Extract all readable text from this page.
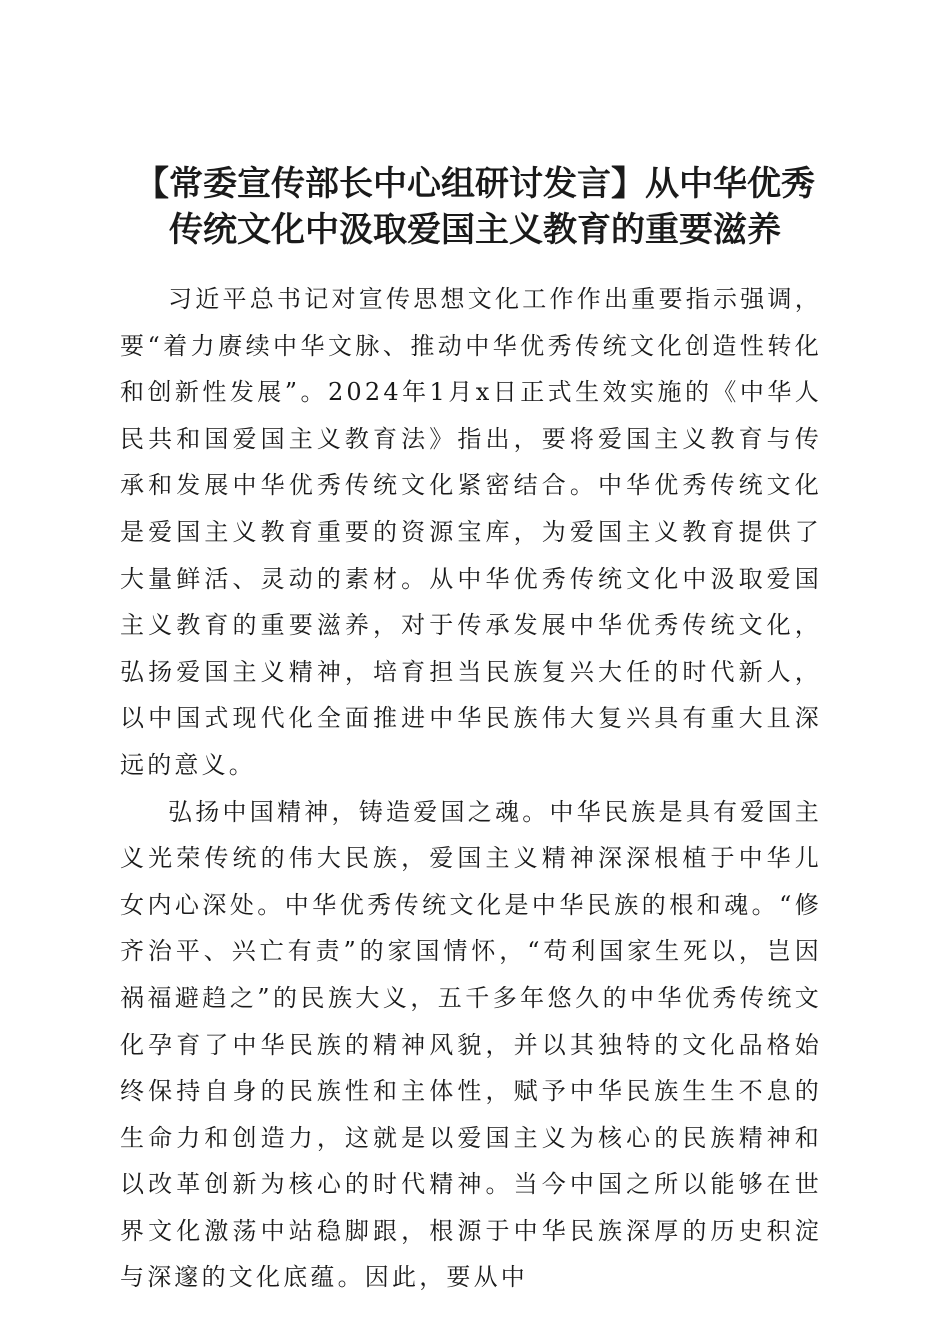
【常委宣传部长中心组研讨发言】从中华优秀
传统文化中汲取爱国主义教育的重要滋养

习近平总书记对宣传思想文化工作作出重要指示强调，要“着力赓续中华文脉、推动中华优秀传统文化创造性转化和创新性发展”。2024年1月x日正式生效实施的《中华人民共和国爱国主义教育法》指出，要将爱国主义教育与传承和发展中华优秀传统文化紧密结合。中华优秀传统文化是爱国主义教育重要的资源宝库，为爱国主义教育提供了大量鲜活、灵动的素材。从中华优秀传统文化中汲取爱国主义教育的重要滋养，对于传承发展中华优秀传统文化，弘扬爱国主义精神，培育担当民族复兴大任的时代新人，以中国式现代化全面推进中华民族伟大复兴具有重大且深远的意义。

弘扬中国精神，铸造爱国之魂。中华民族是具有爱国主义光荣传统的伟大民族，爱国主义精神深深根植于中华儿女内心深处。中华优秀传统文化是中华民族的根和魂。“修齐治平、兴亡有责”的家国情怀，“苟利国家生死以，岂因祸福避趋之”的民族大义，五千多年悠久的中华优秀传统文化孕育了中华民族的精神风貌，并以其独特的文化品格始终保持自身的民族性和主体性，赋予中华民族生生不息的生命力和创造力，这就是以爱国主义为核心的民族精神和以改革创新为核心的时代精神。当今中国之所以能够在世界文化激荡中站稳脚跟，根源于中华民族深厚的历史积淀与深邃的文化底蕴。因此，要从中
